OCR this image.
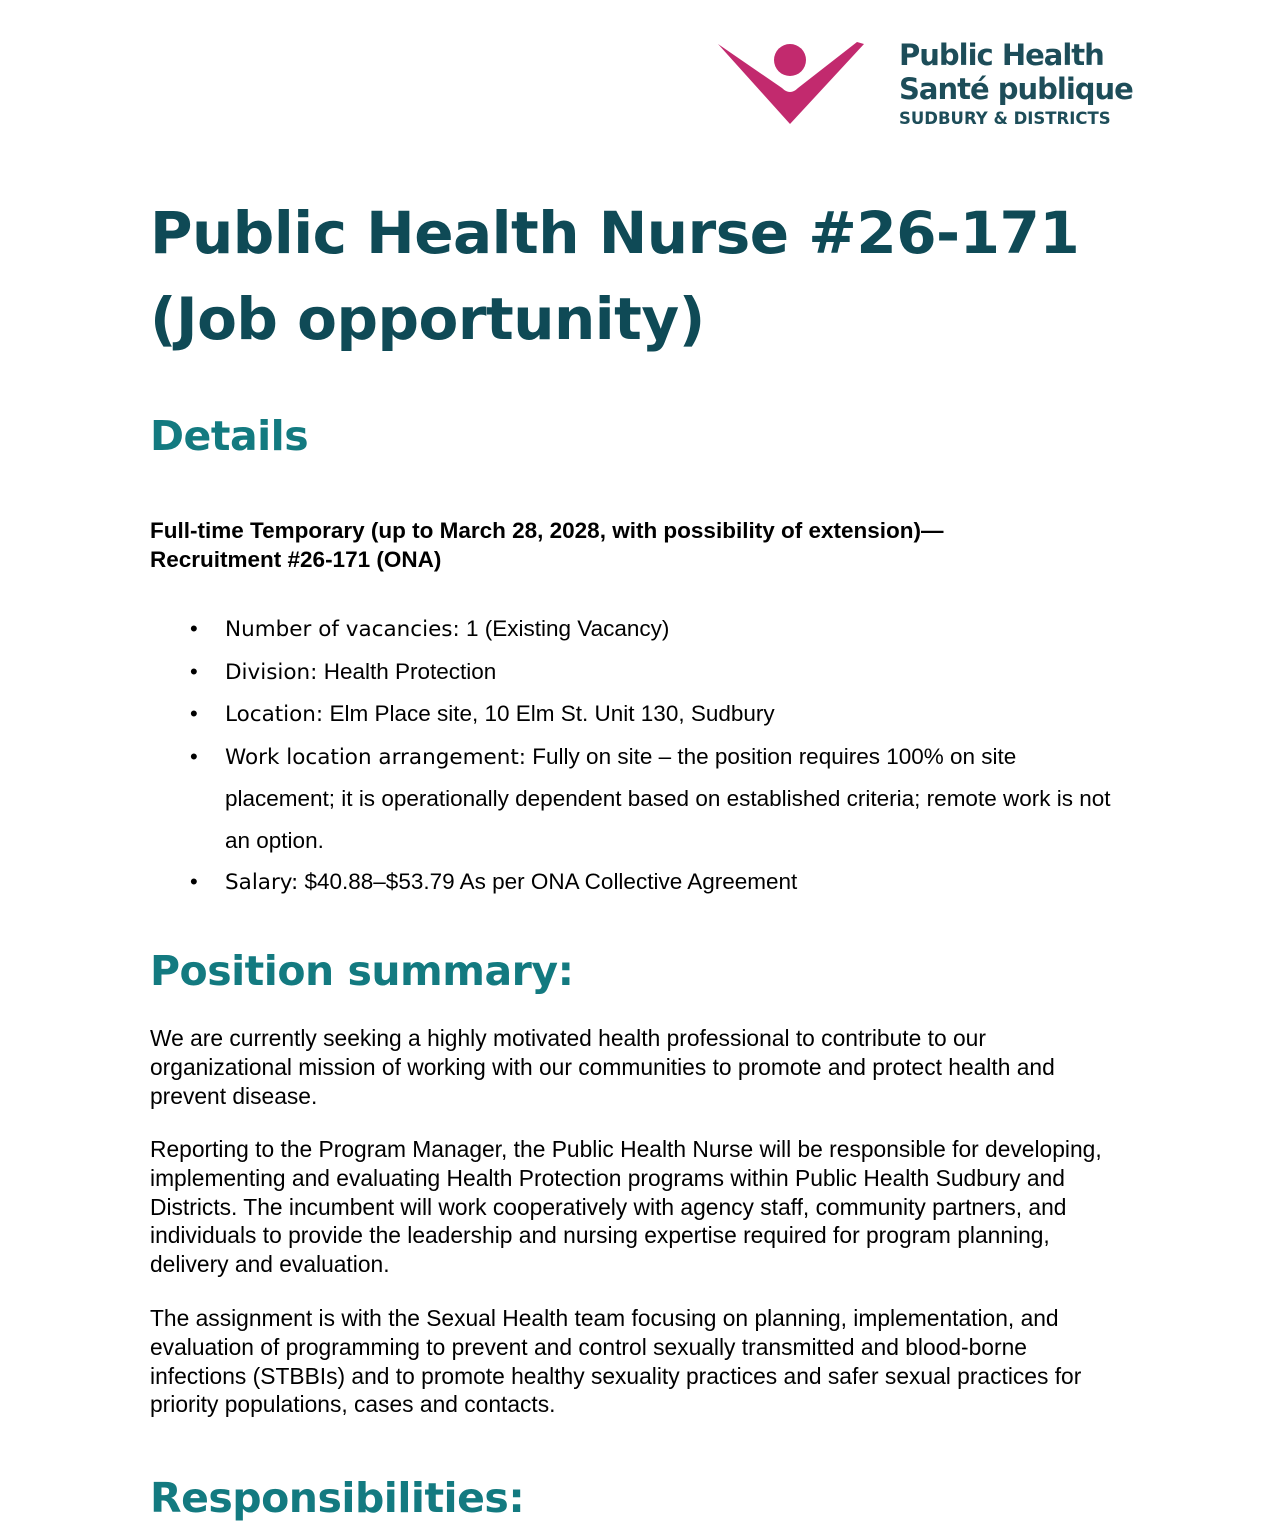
Public Health
Santé publique
SUDBURY & DISTRICTS
Public Health Nurse #26-171
(Job opportunity)
Details

Full-time Temporary (up to March 28, 2028, with possibility of extension)—
Recruitment #26-171 (ONA)

• Number of vacancies: 1 (Existing Vacancy)
• Division: Health Protection
• Location: Elm Place site, 10 Elm St. Unit 130, Sudbury
• Work location arrangement: Fully on site – the position requires 100% on site placement; it is operationally dependent based on established criteria; remote work is not an option.
• Salary: $40.88–$53.79 As per ONA Collective Agreement
Position summary:

We are currently seeking a highly motivated health professional to contribute to our organizational mission of working with our communities to promote and protect health and prevent disease.

Reporting to the Program Manager, the Public Health Nurse will be responsible for developing, implementing and evaluating Health Protection programs within Public Health Sudbury and Districts. The incumbent will work cooperatively with agency staff, community partners, and individuals to provide the leadership and nursing expertise required for program planning, delivery and evaluation.

The assignment is with the Sexual Health team focusing on planning, implementation, and evaluation of programming to prevent and control sexually transmitted and blood-borne infections (STBBIs) and to promote healthy sexuality practices and safer sexual practices for priority populations, cases and contacts.

Responsibilities:
